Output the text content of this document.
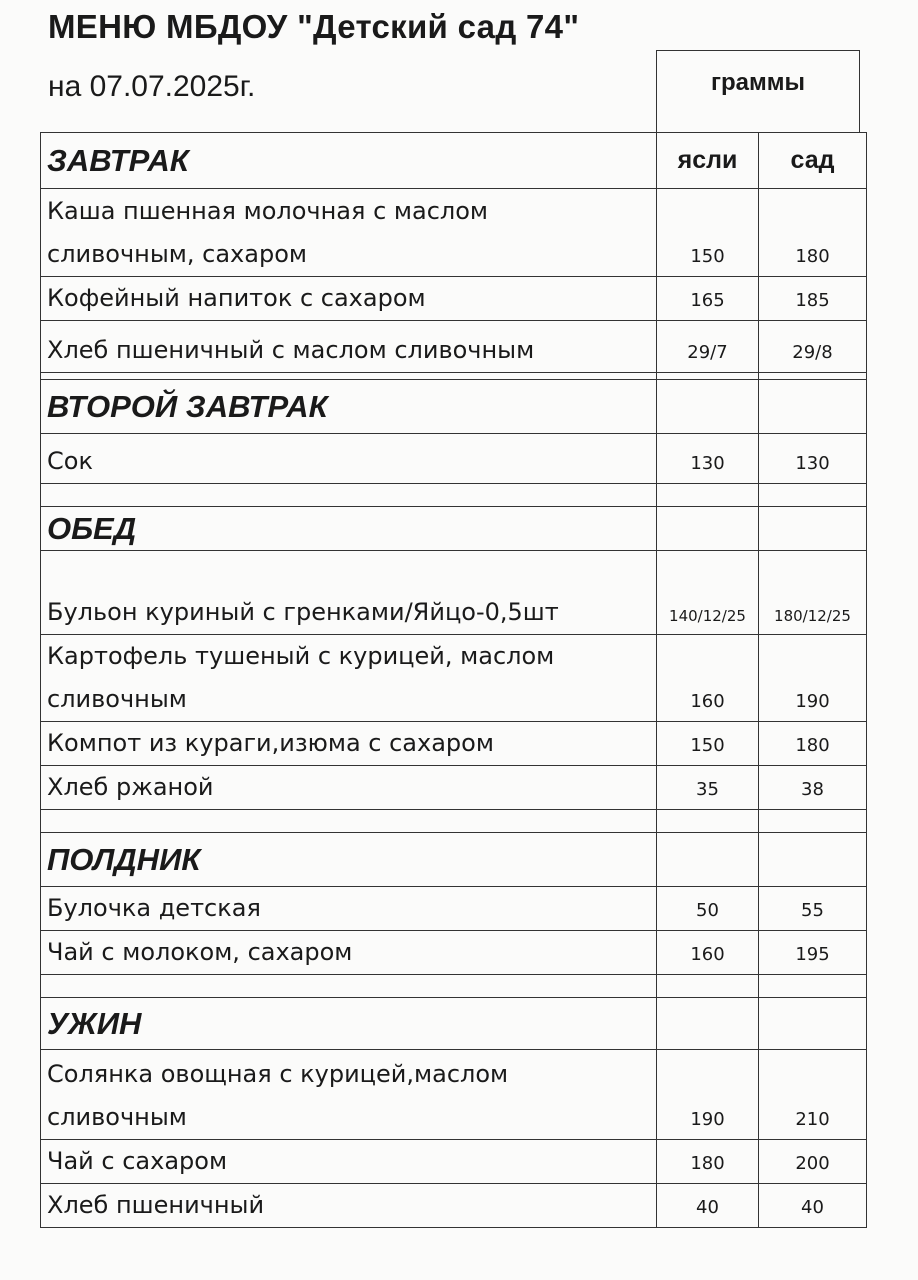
МЕНЮ МБДОУ "Детский сад 74"
на 07.07.2025г.	граммы
ЗАВТРАК	ясли	сад

Каша пшенная молочная с маслом
сливочным, сахаром	150	180
Кофейный напиток с сахаром	165	185
Хлеб пшеничный с маслом сливочным	29/7	29/8

ВТОРОЙ ЗАВТРАК		
Сок	130	130

ОБЕД		
Бульон куриный с гренками/Яйцо-0,5шт	140/12/25	180/12/25

Картофель тушеный с курицей, маслом
сливочным	160	190
Компот из кураги,изюма с сахаром	150	180
Хлеб ржаной	35	38

ПОЛДНИК		
Булочка детская	50	55
Чай с молоком, сахаром	160	195

УЖИН		

Солянка овощная с курицей,маслом
сливочным	190	210
Чай с сахаром	180	200
Хлеб пшеничный	40	40
